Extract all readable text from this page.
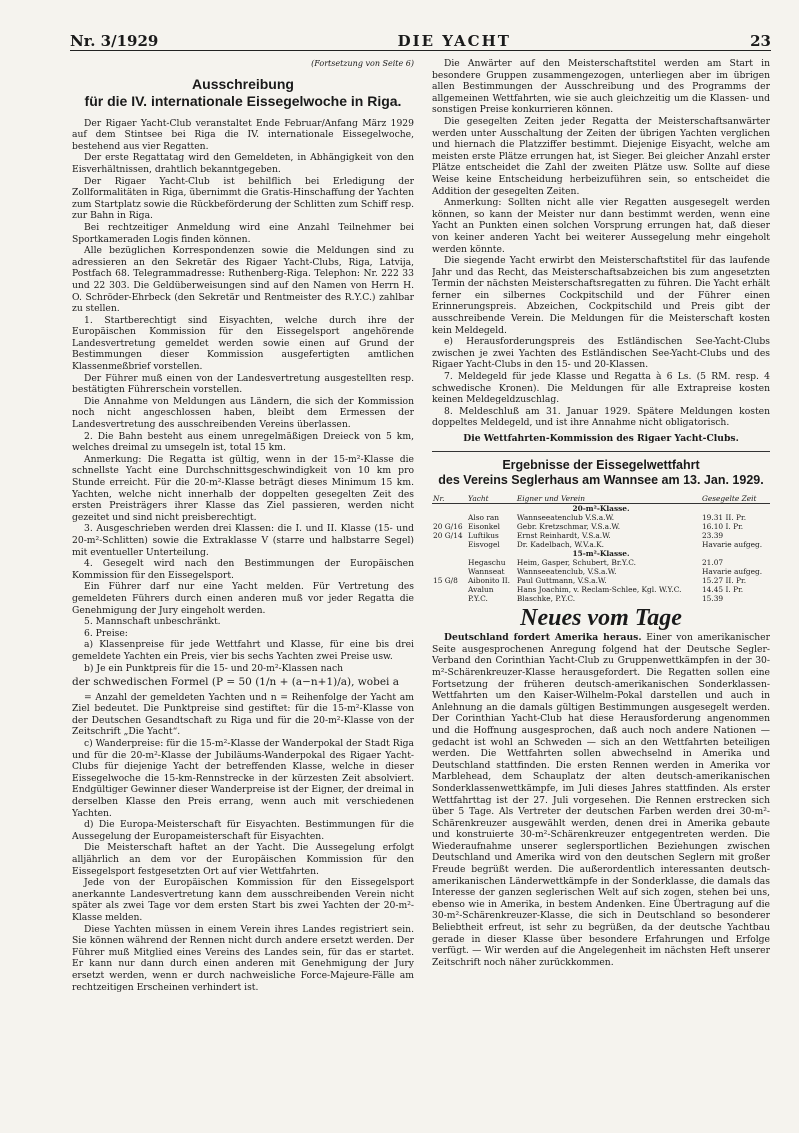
Nr. 3/1929	DIE YACHT	23
(Fortsetzung von Seite 6)
Ausschreibung
für die IV. internationale Eissegelwoche in Riga.

Der Rigaer Yacht-Club veranstaltet Ende Februar/Anfang März 1929 auf dem Stintsee bei Riga die IV. internationale Eissegelwoche, bestehend aus vier Regatten.

Der erste Regattatag wird den Gemeldeten, in Abhängigkeit von den Eisverhältnissen, drahtlich bekanntgegeben.

Der Rigaer Yacht-Club ist behilflich bei Erledigung der Zollformalitäten in Riga, übernimmt die Gratis-Hinschaffung der Yachten zum Startplatz sowie die Rückbeförderung der Schlitten zum Schiff resp. zur Bahn in Riga.

Bei rechtzeitiger Anmeldung wird eine Anzahl Teilnehmer bei Sportkameraden Logis finden können.

Alle bezüglichen Korrespondenzen sowie die Meldungen sind zu adressieren an den Sekretär des Rigaer Yacht-Clubs, Riga, Latvija, Postfach 68. Telegrammadresse: Ruthenberg-Riga. Telephon: Nr. 222 33 und 22 303. Die Geldüberweisungen sind auf den Namen von Herrn H. O. Schröder-Ehrbeck (den Sekretär und Rentmeister des R.Y.C.) zahlbar zu stellen.

1. Startberechtigt sind Eisyachten, welche durch ihre der Europäischen Kommission für den Eissegelsport angehörende Landesvertretung gemeldet werden sowie einen auf Grund der Bestimmungen dieser Kommission ausgefertigten amtlichen Klassenmeßbrief vorstellen.

Der Führer muß einen von der Landesvertretung ausgestellten resp. bestätigten Führerschein vorstellen.

Die Annahme von Meldungen aus Ländern, die sich der Kommission noch nicht angeschlossen haben, bleibt dem Ermessen der Landesvertretung des ausschreibenden Vereins überlassen.

2. Die Bahn besteht aus einem unregelmäßigen Dreieck von 5 km, welches dreimal zu umsegeln ist, total 15 km.

Anmerkung: Die Regatta ist gültig, wenn in der 15-m²-Klasse die schnellste Yacht eine Durchschnittsgeschwindigkeit von 10 km pro Stunde erreicht. Für die 20-m²-Klasse beträgt dieses Minimum 15 km. Yachten, welche nicht innerhalb der doppelten gesegelten Zeit des ersten Preisträgers ihrer Klasse das Ziel passieren, werden nicht gezeitet und sind nicht preisberechtigt.

3. Ausgeschrieben werden drei Klassen: die I. und II. Klasse (15- und 20-m²-Schlitten) sowie die Extraklasse V (starre und halbstarre Segel) mit eventueller Unterteilung.

4. Gesegelt wird nach den Bestimmungen der Europäischen Kommission für den Eissegelsport.

Ein Führer darf nur eine Yacht melden. Für Vertretung des gemeldeten Führers durch einen anderen muß vor jeder Regatta die Genehmigung der Jury eingeholt werden.

5. Mannschaft unbeschränkt.

6. Preise:

a) Klassenpreise für jede Wettfahrt und Klasse, für eine bis drei gemeldete Yachten ein Preis, vier bis sechs Yachten zwei Preise usw.

b) Je ein Punktpreis für die 15- und 20-m²-Klassen nach

der schwedischen Formel (P = 50 (1/n + (a−n+1)/a), wobei a

= Anzahl der gemeldeten Yachten und n = Reihenfolge der Yacht am Ziel bedeutet. Die Punktpreise sind gestiftet: für die 15-m²-Klasse von der Deutschen Gesandtschaft zu Riga und für die 20-m²-Klasse von der Zeitschrift „Die Yacht“.

c) Wanderpreise: für die 15-m²-Klasse der Wanderpokal der Stadt Riga und für die 20-m²-Klasse der Jubiläums-Wanderpokal des Rigaer Yacht-Clubs für diejenige Yacht der betreffenden Klasse, welche in dieser Eissegelwoche die 15-km-Rennstrecke in der kürzesten Zeit absolviert. Endgültiger Gewinner dieser Wanderpreise ist der Eigner, der dreimal in derselben Klasse den Preis errang, wenn auch mit verschiedenen Yachten.

d) Die Europa-Meisterschaft für Eisyachten. Bestimmungen für die Aussegelung der Europameisterschaft für Eisyachten.

Die Meisterschaft haftet an der Yacht. Die Aussegelung erfolgt alljährlich an dem vor der Europäischen Kommission für den Eissegelsport festgesetzten Ort auf vier Wettfahrten.

Jede von der Europäischen Kommission für den Eissegelsport anerkannte Landesvertretung kann dem ausschreibenden Verein nicht später als zwei Tage vor dem ersten Start bis zwei Yachten der 20-m²-Klasse melden.

Diese Yachten müssen in einem Verein ihres Landes registriert sein. Sie können während der Rennen nicht durch andere ersetzt werden. Der Führer muß Mitglied eines Vereins des Landes sein, für das er startet. Er kann nur dann durch einen anderen mit Genehmigung der Jury ersetzt werden, wenn er durch nachweisliche Force-Majeure-Fälle am rechtzeitigen Erscheinen verhindert ist.

Die Anwärter auf den Meisterschaftstitel werden am Start in besondere Gruppen zusammengezogen, unterliegen aber im übrigen allen Bestimmungen der Ausschreibung und des Programms der allgemeinen Wettfahrten, wie sie auch gleichzeitig um die Klassen- und sonstigen Preise konkurrieren können.

Die gesegelten Zeiten jeder Regatta der Meisterschaftsanwärter werden unter Ausschaltung der Zeiten der übrigen Yachten verglichen und hiernach die Platzziffer bestimmt. Diejenige Eisyacht, welche am meisten erste Plätze errungen hat, ist Sieger. Bei gleicher Anzahl erster Plätze entscheidet die Zahl der zweiten Plätze usw. Sollte auf diese Weise keine Entscheidung herbeizuführen sein, so entscheidet die Addition der gesegelten Zeiten.

Anmerkung: Sollten nicht alle vier Regatten ausgesegelt werden können, so kann der Meister nur dann bestimmt werden, wenn eine Yacht an Punkten einen solchen Vorsprung errungen hat, daß dieser von keiner anderen Yacht bei weiterer Aussegelung mehr eingeholt werden könnte.

Die siegende Yacht erwirbt den Meisterschaftstitel für das laufende Jahr und das Recht, das Meisterschaftsabzeichen bis zum angesetzten Termin der nächsten Meisterschaftsregatten zu führen. Die Yacht erhält ferner ein silbernes Cockpitschild und der Führer einen Erinnerungspreis. Abzeichen, Cockpitschild und Preis gibt der ausschreibende Verein. Die Meldungen für die Meisterschaft kosten kein Meldegeld.

e) Herausforderungspreis des Estländischen See-Yacht-Clubs zwischen je zwei Yachten des Estländischen See-Yacht-Clubs und des Rigaer Yacht-Clubs in den 15- und 20-Klassen.

7. Meldegeld für jede Klasse und Regatta à 6 Ls. (5 RM. resp. 4 schwedische Kronen). Die Meldungen für alle Extrapreise kosten keinen Meldegeldzuschlag.

8. Meldeschluß am 31. Januar 1929. Spätere Meldungen kosten doppeltes Meldegeld, und ist ihre Annahme nicht obligatorisch.

Die Wettfahrten-Kommission des Rigaer Yacht-Clubs.

Ergebnisse der Eissegelwettfahrt
des Vereins Seglerhaus am Wannsee am 13. Jan. 1929.
Nr.	Yacht	Eigner und Verein	Gesegelte Zeit
20-m²-Klasse.			
	Also ran	Wannseeatenclub V.S.a.W.	19.31 II. Pr.
20 G/16	Eisonkel	Gebr. Kretzschmar, V.S.a.W.	16.10 I. Pr.
20 G/14	Luftikus	Ernst Reinhardt, V.S.a.W.	23.39
	Eisvogel	Dr. Kadelbach, W.V.a.K.	Havarie aufgeg.
15-m²-Klasse.			
	Hegaschu	Heim, Gasper, Schubert, Br.Y.C.	21.07
	Wannseat	Wannseeatenclub, V.S.a.W.	Havarie aufgeg.
15 G/8	Aibonito II.	Paul Guttmann, V.S.a.W.	15.27 II. Pr.
	Avalun	Hans Joachim, v. Reclam-Schlee, Kgl. W.Y.C.	14.45 I. Pr.
	P.Y.C.	Blaschke, P.Y.C.	15.39
Neues vom Tage

Deutschland fordert Amerika heraus. Einer von amerikanischer Seite ausgesprochenen Anregung folgend hat der Deutsche Segler-Verband den Corinthian Yacht-Club zu Gruppenwettkämpfen in der 30-m²-Schärenkreuzer-Klasse herausgefordert. Die Regatten sollen eine Fortsetzung der früheren deutsch-amerikanischen Sonderklassen-Wettfahrten um den Kaiser-Wilhelm-Pokal darstellen und auch in Anlehnung an die damals gültigen Bestimmungen ausgesegelt werden. Der Corinthian Yacht-Club hat diese Herausforderung angenommen und die Hoffnung ausgesprochen, daß auch noch andere Nationen — gedacht ist wohl an Schweden — sich an den Wettfahrten beteiligen werden. Die Wettfahrten sollen abwechselnd in Amerika und Deutschland stattfinden. Die ersten Rennen werden in Amerika vor Marblehead, dem Schauplatz der alten deutsch-amerikanischen Sonderklassenwettkämpfe, im Juli dieses Jahres stattfinden. Als erster Wettfahrttag ist der 27. Juli vorgesehen. Die Rennen erstrecken sich über 5 Tage. Als Vertreter der deutschen Farben werden drei 30-m²-Schärenkreuzer ausgewählt werden, denen drei in Amerika gebaute und konstruierte 30-m²-Schärenkreuzer entgegentreten werden. Die Wiederaufnahme unserer seglersportlichen Beziehungen zwischen Deutschland und Amerika wird von den deutschen Seglern mit großer Freude begrüßt werden. Die außerordentlich interessanten deutsch-amerikanischen Länderwettkämpfe in der Sonderklasse, die damals das Interesse der ganzen seglerischen Welt auf sich zogen, stehen bei uns, ebenso wie in Amerika, in bestem Andenken. Eine Übertragung auf die 30-m²-Schärenkreuzer-Klasse, die sich in Deutschland so besonderer Beliebtheit erfreut, ist sehr zu begrüßen, da der deutsche Yachtbau gerade in dieser Klasse über besondere Erfahrungen und Erfolge verfügt. — Wir werden auf die Angelegenheit im nächsten Heft unserer Zeitschrift noch näher zurückkommen.
